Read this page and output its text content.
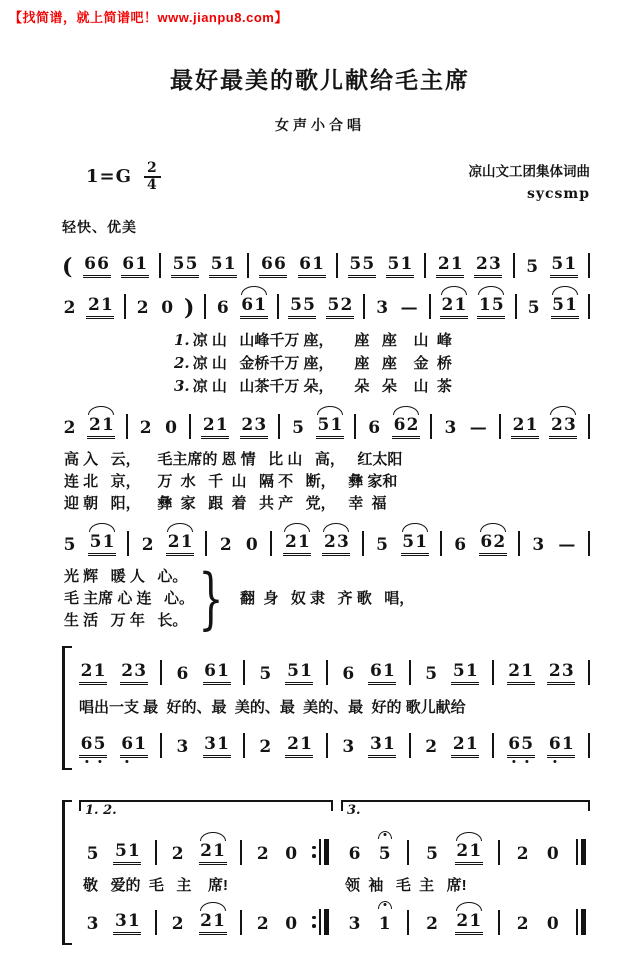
【找简谱，就上简谱吧！www.jianpu8.com】
最好最美的歌儿献给毛主席
女声小合唱
$1=G \frac{2}{4}$	凉山文工团集体词曲
sycsmp
轻快、优美
( 6 6 6 1 5 5 5 1 6 6 6 1 5 5 5 1 2 1 2 3 5 5 1
2 2 1 2 0 ) 6 6 1 5 5 5 2 3 — 2 1 1 5 5 5 1
1. 凉 山   山峰千万 座，     座   座    山  峰
2. 凉 山   金桥千万 座，     座   座    金  桥
3. 凉 山   山茶千万 朵，     朵   朵    山  茶
2 2 1 2 0 2 1 2 3 5 5 1 6 6 2 3 — 2 1 2 3
高 入   云，    毛主席的 恩 情   比 山   高，   红太阳
连 北   京，    万  水   千  山   隔 不   断，   彝 家和
迎 朝   阳，    彝  家   跟  着   共 产   党，   幸  福
5 5 1 2 2 1 2 0 2 1 2 3 5 5 1 6 6 2 3 —
光 辉   暖 人   心。
毛 主席 心 连   心。
生 活   万 年   长。 } 翻  身   奴 隶   齐 歌   唱，
2 1 2 3 6 6 1 5 5 1 6 6 1 5 5 1 2 1 2 3
唱出一支 最  好的、最  美的、最  美的、最  好的 歌儿献给
6 5 6 1 3 3 1 2 2 1 3 3 1 2 2 1 6 5 6 1
1. 2.
5 5 1 2 2 1 2 0
敬   爱的  毛   主    席!
3 3 1 2 2 1 2 0
3.
6 5 5 2 1 2 0
领  袖   毛  主   席!
3 1 2 2 1 2 0
